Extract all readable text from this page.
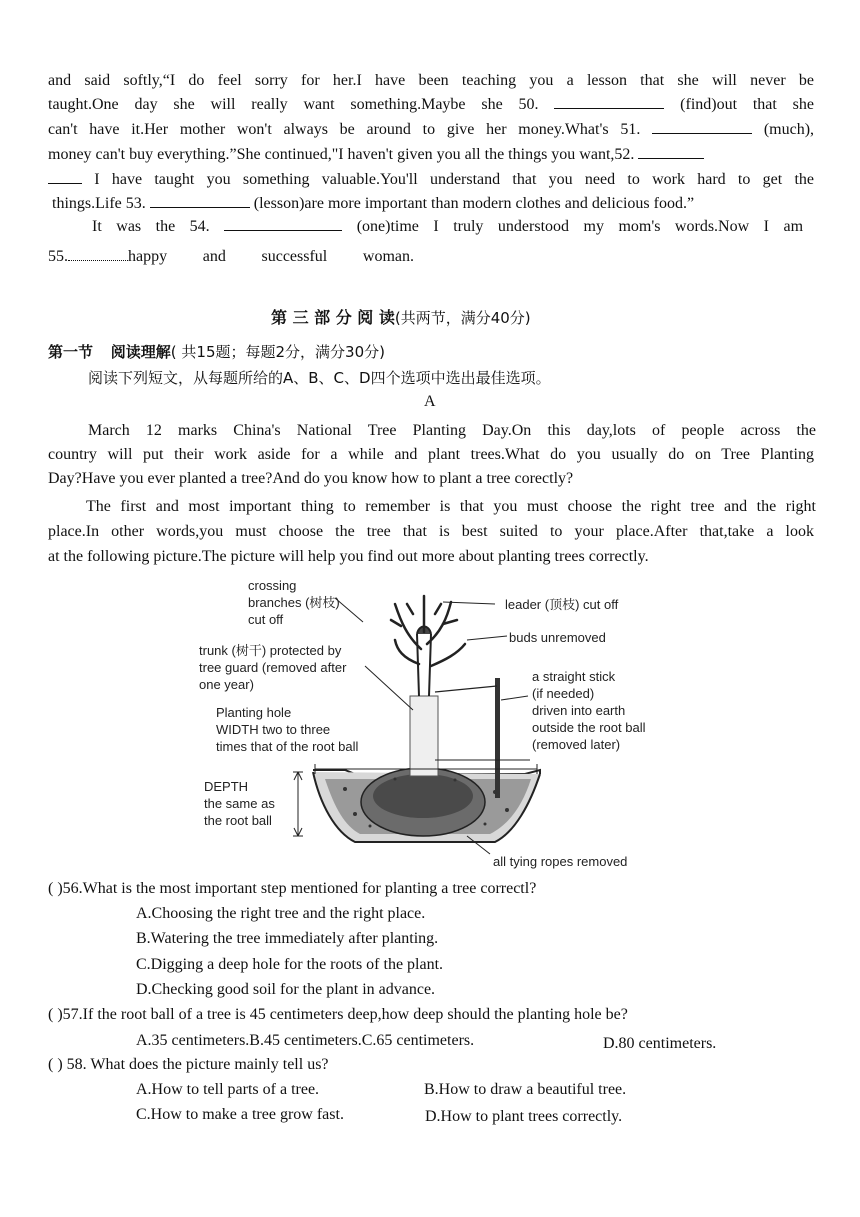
and said softly,“I do feel sorry for her.I have been teaching you a lesson that she will never be
taught.One day she will really want something.Maybe she 50.	(find)out that she
can't have it.Her mother won't always be around to give her money.What's 51.	(much),
money can't buy everything.”She continued,"I haven't given you all the things you want,52.
I have taught you something valuable.You'll understand that you need to work hard to get the
things.Life 53.	(lesson)are more important than modern clothes and delicious food.”
It was the 54.	(one)time I truly understood my mom's words.Now I am
55.	happy and successful woman.
第 三 部 分 阅 读(共两节，满分40分)
第一节 阅读理解( 共15题；每题2分，满分30分)
阅读下列短文，从每题所给的A、B、C、D四个选项中选出最佳选项。
A
March 12 marks China's National Tree Planting Day.On this day,lots of people across the
country will put their work aside for a while and plant trees.What do you usually do on Tree Planting
Day?Have you ever planted a tree?And do you know how to plant a tree corectly?
The first and most important thing to remember is that you must choose the right tree and the right
place.In other words,you must choose the tree that is best suited to your place.After that,take a look
at the following picture.The picture will help you find out more about planting trees correctly.
crossing
branches (树枝)
cut off
leader (顶枝) cut off
buds unremoved
trunk (树干) protected by
tree guard (removed after
one year)
a straight stick
(if needed)
driven into earth
outside the root ball
(removed later)
Planting hole
WIDTH two to three
times that of the root ball
DEPTH
the same as
the root ball
all tying ropes removed
( )56.What is the most important step mentioned for planting a tree correctl?
A.Choosing the right tree and the right place.
B.Watering the tree immediately after planting.
C.Digging a deep hole for the roots of the plant.
D.Checking good soil for the plant in advance.
( )57.If the root ball of a tree is 45 centimeters deep,how deep should the planting hole be?
A.35 centimeters.B.45 centimeters.C.65 centimeters.	D.80 centimeters.
( ) 58. What does the picture mainly tell us?
A.How to tell parts of a tree.	B.How to draw a beautiful tree.
C.How to make a tree grow fast.	D.How to plant trees correctly.
